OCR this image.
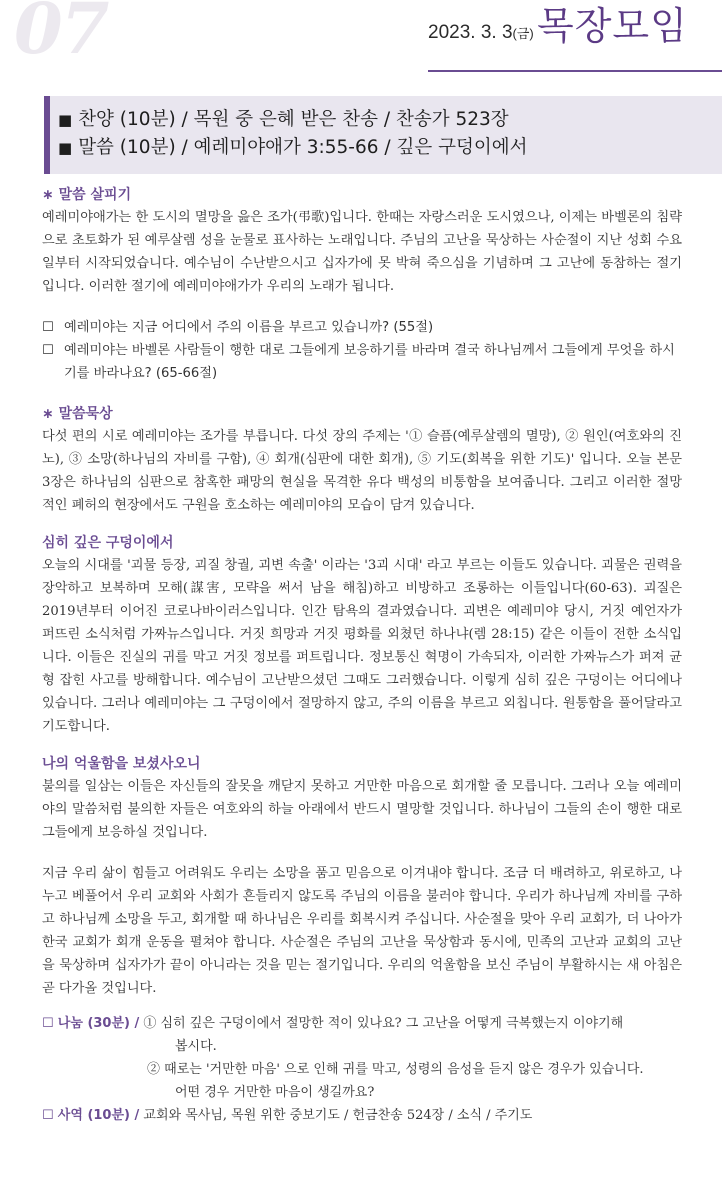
07	2023. 3. 3(금) 목장모임
■ 찬양 (10분) / 목원 중 은혜 받은 찬송 / 찬송가 523장
■ 말씀 (10분) / 예레미야애가 3:55-66 / 깊은 구덩이에서
∗ 말씀 살피기

예레미야애가는 한 도시의 멸망을 읊은 조가(弔歌)입니다. 한때는 자랑스러운 도시였으나, 이제는 바벨론의 침략으로 초토화가 된 예루살렘 성을 눈물로 표사하는 노래입니다. 주님의 고난을 묵상하는 사순절이 지난 성회 수요일부터 시작되었습니다. 예수님이 수난받으시고 십자가에 못 박혀 죽으심을 기념하며 그 고난에 동참하는 절기입니다. 이러한 절기에 예레미야애가가 우리의 노래가 됩니다.

☐ 예레미야는 지금 어디에서 주의 이름을 부르고 있습니까? (55절)

☐ 예레미야는 바벨론 사람들이 행한 대로 그들에게 보응하기를 바라며 결국 하나님께서 그들에게 무엇을 하시기를 바라나요? (65-66절)

∗ 말씀묵상

다섯 편의 시로 예레미야는 조가를 부릅니다. 다섯 장의 주제는 '① 슬픔(예루살렘의 멸망), ② 원인(여호와의 진노), ③ 소망(하나님의 자비를 구함), ④ 회개(심판에 대한 회개), ⑤ 기도(회복을 위한 기도)' 입니다. 오늘 본문 3장은 하나님의 심판으로 참혹한 패망의 현실을 목격한 유다 백성의 비통함을 보여줍니다. 그리고 이러한 절망적인 폐허의 현장에서도 구원을 호소하는 예레미야의 모습이 담겨 있습니다.

심히 깊은 구덩이에서

오늘의 시대를 '괴물 등장, 괴질 창궐, 괴변 속출' 이라는 '3괴 시대' 라고 부르는 이들도 있습니다. 괴물은 권력을 장악하고 보복하며 모해(謀害, 모략을 써서 남을 해침)하고 비방하고 조롱하는 이들입니다(60-63). 괴질은 2019년부터 이어진 코로나바이러스입니다. 인간 탐욕의 결과였습니다. 괴변은 예레미야 당시, 거짓 예언자가 퍼뜨린 소식처럼 가짜뉴스입니다. 거짓 희망과 거짓 평화를 외쳤던 하나냐(렘 28:15) 같은 이들이 전한 소식입니다. 이들은 진실의 귀를 막고 거짓 정보를 퍼트립니다. 정보통신 혁명이 가속되자, 이러한 가짜뉴스가 퍼져 균형 잡힌 사고를 방해합니다. 예수님이 고난받으셨던 그때도 그러했습니다. 이렇게 심히 깊은 구덩이는 어디에나 있습니다. 그러나 예레미야는 그 구덩이에서 절망하지 않고, 주의 이름을 부르고 외칩니다. 원통함을 풀어달라고 기도합니다.

나의 억울함을 보셨사오니

불의를 일삼는 이들은 자신들의 잘못을 깨닫지 못하고 거만한 마음으로 회개할 줄 모릅니다. 그러나 오늘 예레미야의 말씀처럼 불의한 자들은 여호와의 하늘 아래에서 반드시 멸망할 것입니다. 하나님이 그들의 손이 행한 대로 그들에게 보응하실 것입니다.

지금 우리 삶이 힘들고 어려워도 우리는 소망을 품고 믿음으로 이겨내야 합니다. 조금 더 배려하고, 위로하고, 나누고 베풀어서 우리 교회와 사회가 흔들리지 않도록 주님의 이름을 불러야 합니다. 우리가 하나님께 자비를 구하고 하나님께 소망을 두고, 회개할 때 하나님은 우리를 회복시켜 주십니다. 사순절을 맞아 우리 교회가, 더 나아가 한국 교회가 회개 운동을 펼쳐야 합니다. 사순절은 주님의 고난을 묵상함과 동시에, 민족의 고난과 교회의 고난을 묵상하며 십자가가 끝이 아니라는 것을 믿는 절기입니다. 우리의 억울함을 보신 주님이 부활하시는 새 아침은 곧 다가올 것입니다.

☐ 나눔 (30분) / ① 심히 깊은 구덩이에서 절망한 적이 있나요? 그 고난을 어떻게 극복했는지 이야기해
봅시다.
② 때로는 '거만한 마음' 으로 인해 귀를 막고, 성령의 음성을 듣지 않은 경우가 있습니다.
어떤 경우 거만한 마음이 생길까요?
☐ 사역 (10분) / 교회와 목사님, 목원 위한 중보기도 / 헌금찬송 524장 / 소식 / 주기도
